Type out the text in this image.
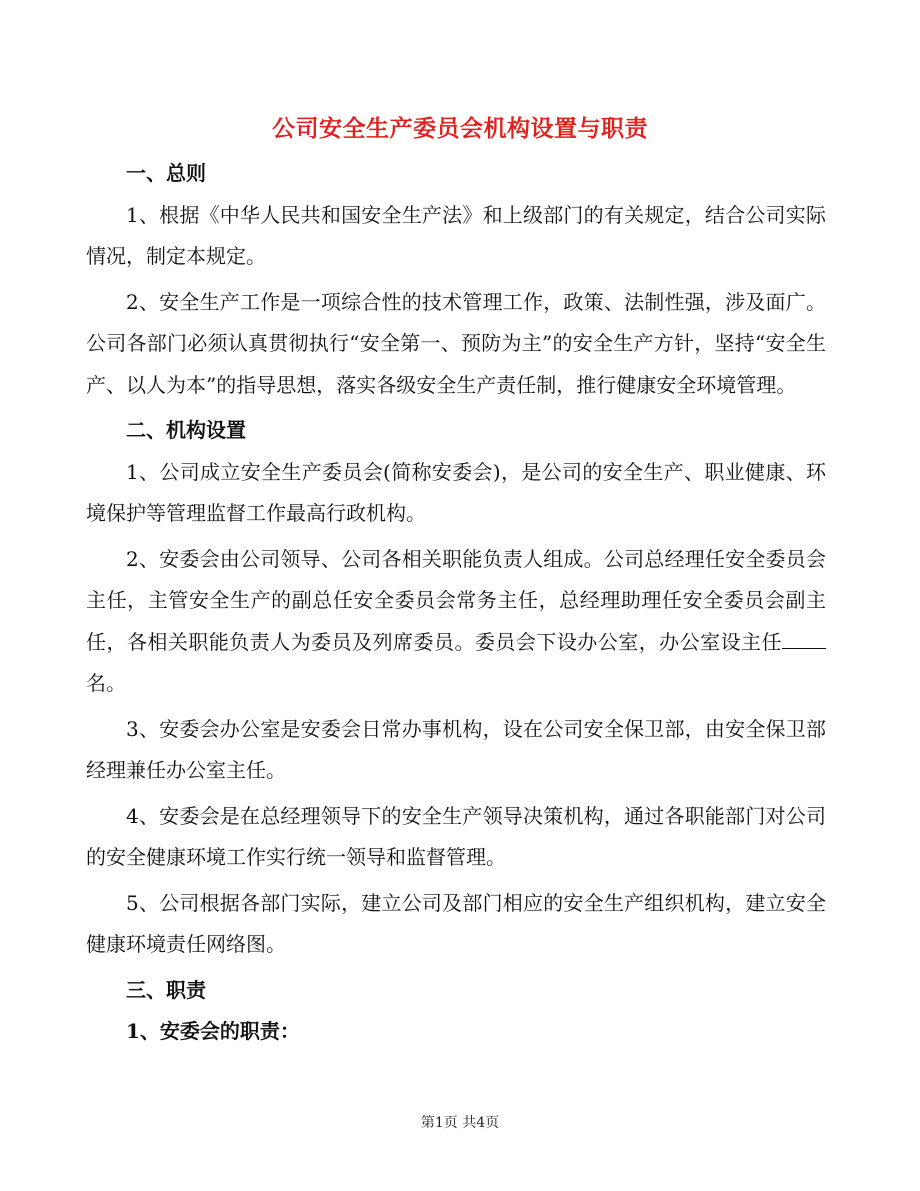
公司安全生产委员会机构设置与职责

一、总则

1、根据《中华人民共和国安全生产法》和上级部门的有关规定，结合公司实际情况，制定本规定。

2、安全生产工作是一项综合性的技术管理工作，政策、法制性强，涉及面广。公司各部门必须认真贯彻执行“安全第一、预防为主”的安全生产方针，坚持“安全生产、以人为本”的指导思想，落实各级安全生产责任制，推行健康安全环境管理。

二、机构设置

1、公司成立安全生产委员会(简称安委会)，是公司的安全生产、职业健康、环境保护等管理监督工作最高行政机构。

2、安委会由公司领导、公司各相关职能负责人组成。公司总经理任安全委员会主任，主管安全生产的副总任安全委员会常务主任，总经理助理任安全委员会副主任，各相关职能负责人为委员及列席委员。委员会下设办公室，办公室设主任名。

3、安委会办公室是安委会日常办事机构，设在公司安全保卫部，由安全保卫部经理兼任办公室主任。

4、安委会是在总经理领导下的安全生产领导决策机构，通过各职能部门对公司的安全健康环境工作实行统一领导和监督管理。

5、公司根据各部门实际，建立公司及部门相应的安全生产组织机构，建立安全健康环境责任网络图。

三、职责

1、安委会的职责：

第1页 共4页
